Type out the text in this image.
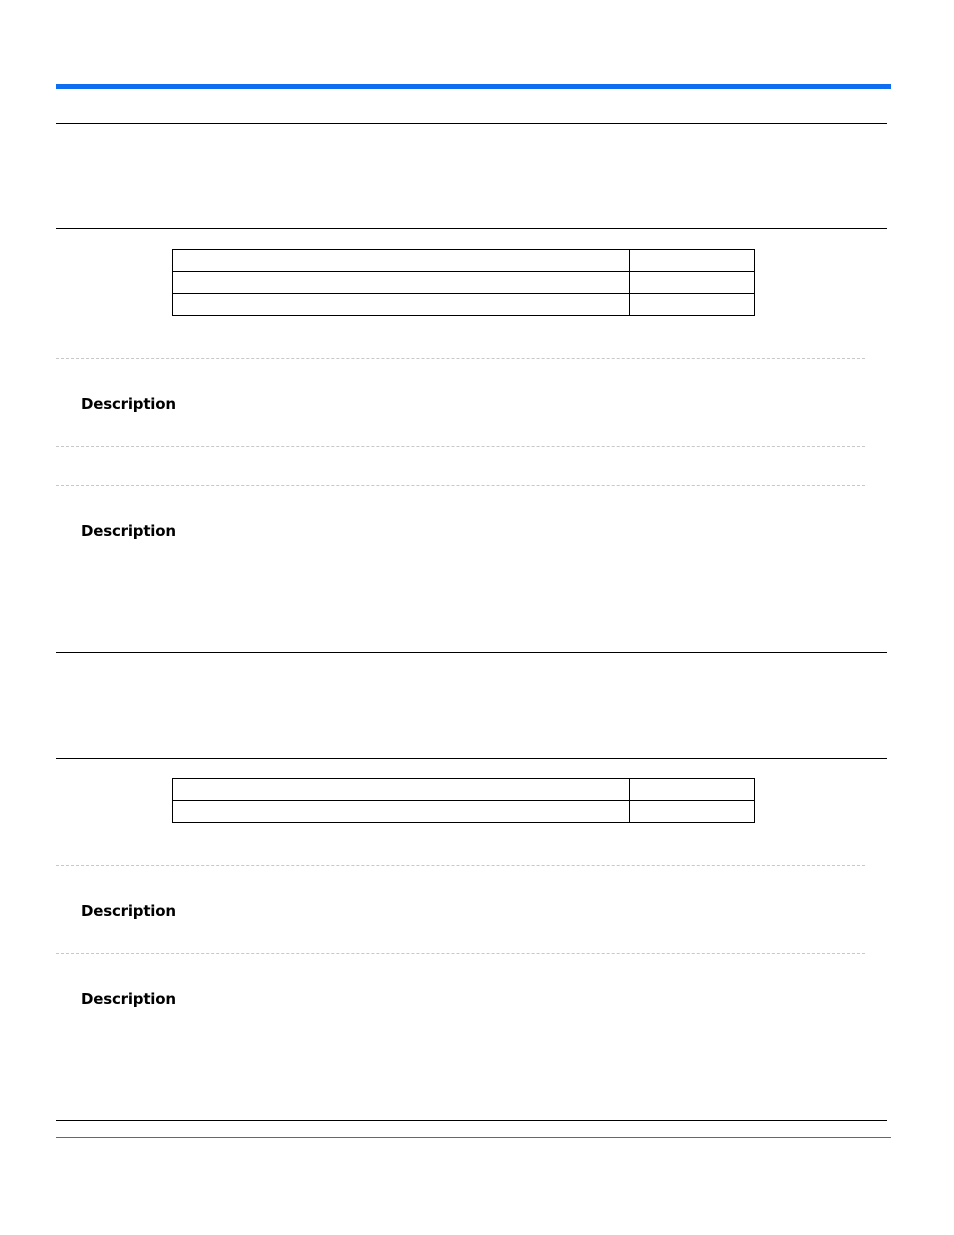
Description
Description

Description
Description
